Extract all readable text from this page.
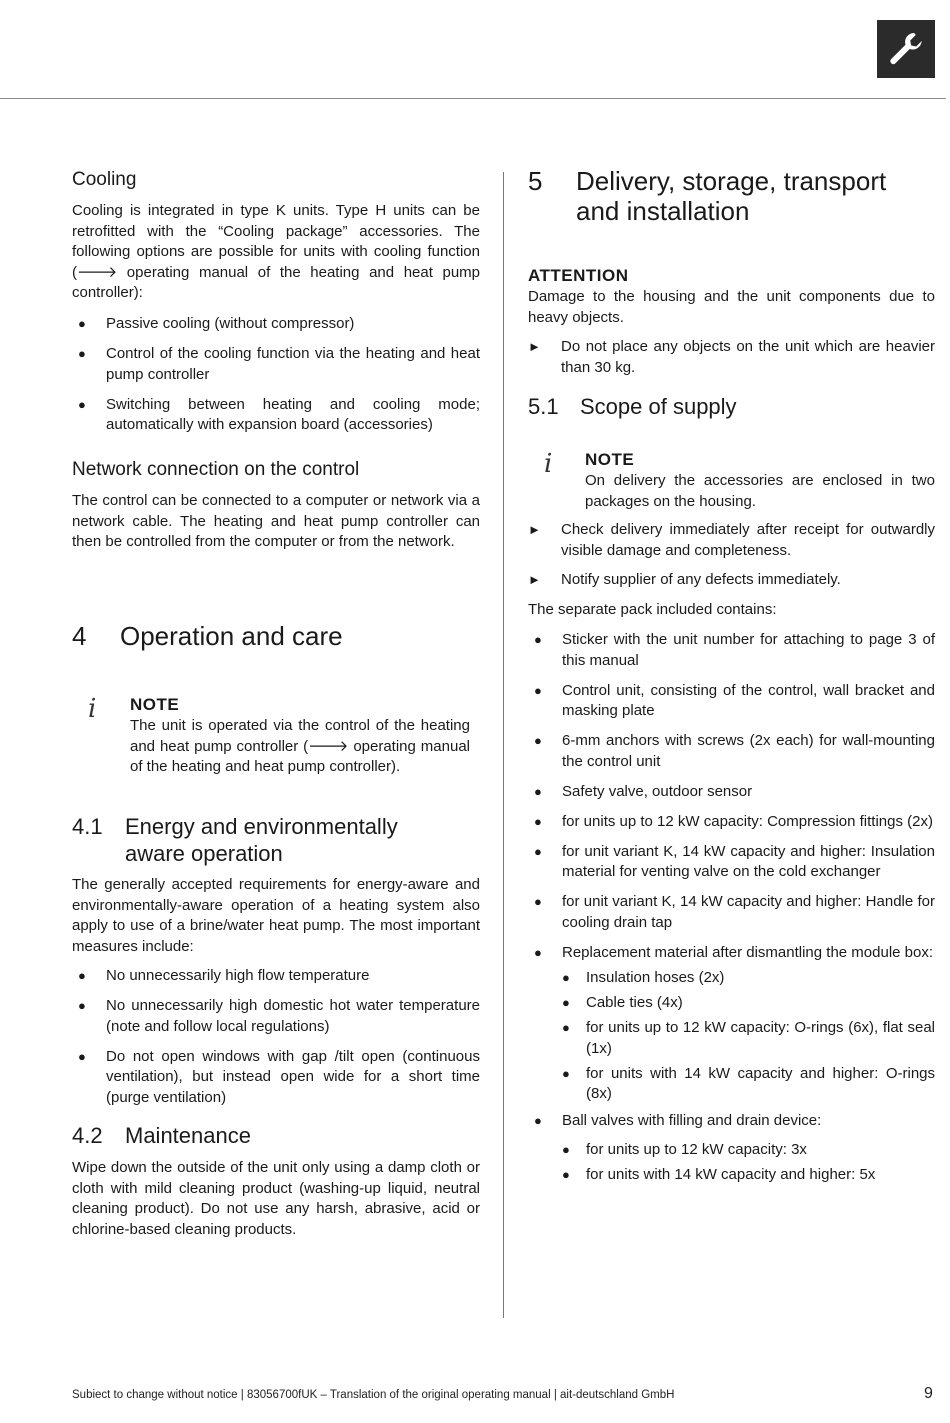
Cooling

Cooling is integrated in type K units. Type H units can be retrofitted with the “Cooling package” accessories. The following options are possible for units with cooling function (🡒 operating manual of the heating and heat pump controller):

● Passive cooling (without compressor)
● Control of the cooling function via the heating and heat pump controller
● Switching between heating and cooling mode; automatically with expansion board (accessories)
Network connection on the control

The control can be connected to a computer or network via a network cable. The heating and heat pump controller can then be controlled from the computer or from the network.

4 Operation and care
i NOTE

The unit is operated via the control of the heating and heat pump controller (🡒 operating manual of the heating and heat pump controller).

4.1 Energy and environmentally
aware operation

The generally accepted requirements for energy-aware and environmentally-aware operation of a heating system also apply to use of a brine/water heat pump. The most important measures include:

● No unnecessarily high flow temperature
● No unnecessarily high domestic hot water temperature (note and follow local regulations)
● Do not open windows with gap /tilt open (continuous ventilation), but instead open wide for a short time (purge ventilation)
4.2 Maintenance

Wipe down the outside of the unit only using a damp cloth or cloth with mild cleaning product (washing-up liquid, neutral cleaning product). Do not use any harsh, abrasive, acid or chlorine-based cleaning products.

5 Delivery, storage, transport
and installation
ATTENTION

Damage to the housing and the unit components due to heavy objects.

► Do not place any objects on the unit which are heavier than 30 kg.

5.1 Scope of supply
i NOTE

On delivery the accessories are enclosed in two packages on the housing.

► Check delivery immediately after receipt for outwardly visible damage and completeness.

► Notify supplier of any defects immediately.

The separate pack included contains:

● Sticker with the unit number for attaching to page 3 of this manual
● Control unit, consisting of the control, wall bracket and masking plate
● 6-mm anchors with screws (2x each) for wall-mounting the control unit
● Safety valve, outdoor sensor
● for units up to 12 kW capacity: Compression fittings (2x)
● for unit variant K, 14 kW capacity and higher: Insulation material for venting valve on the cold exchanger
● for unit variant K, 14 kW capacity and higher: Handle for cooling drain tap
● Replacement material after dismantling the module box:
● Insulation hoses (2x)
● Cable ties (4x)
● for units up to 12 kW capacity: O-rings (6x), flat seal (1x)
● for units with 14 kW capacity and higher: O-rings (8x)
● Ball valves with filling and drain device:
● for units up to 12 kW capacity: 3x
● for units with 14 kW capacity and higher: 5x
Subiect to change without notice | 83056700fUK – Translation of the original operating manual | ait-deutschland GmbH	9
